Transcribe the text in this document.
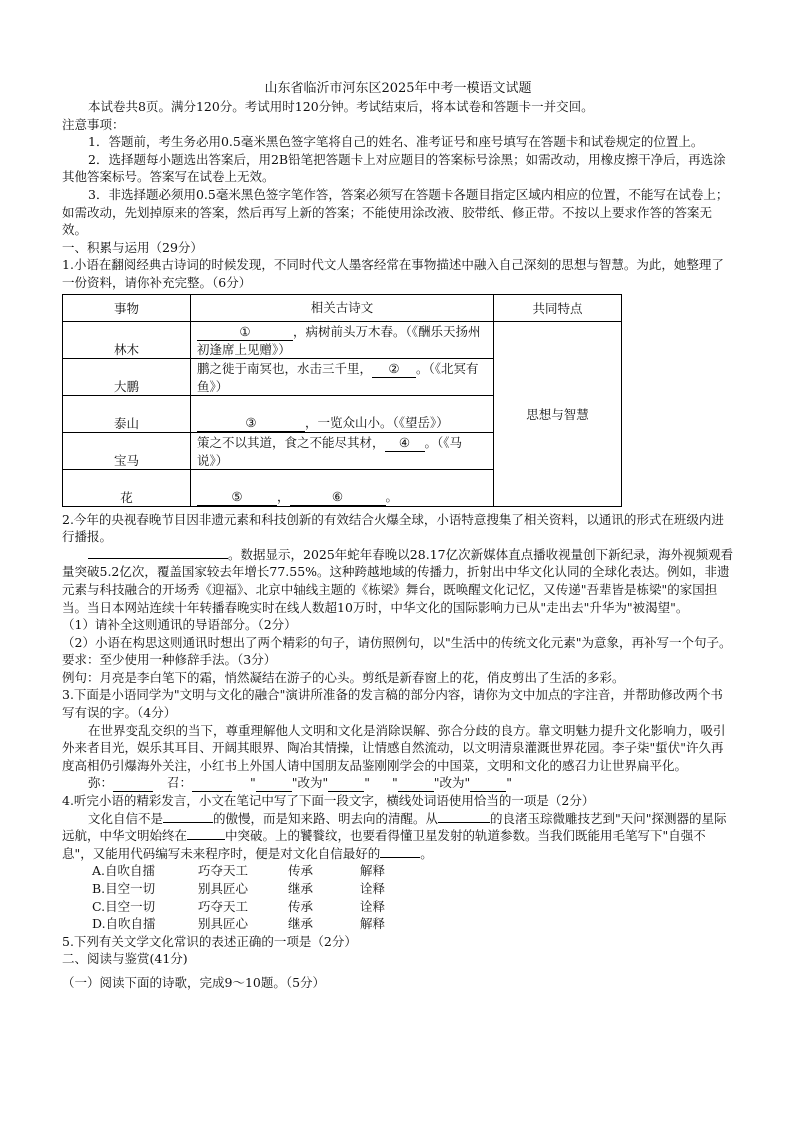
山东省临沂市河东区2025年中考一模语文试题
本试卷共8页。满分120分。考试用时120分钟。考试结束后，将本试卷和答题卡一并交回。
注意事项：
1．答题前，考生务必用0.5毫米黑色签字笔将自己的姓名、准考证号和座号填写在答题卡和试卷规定的位置上。
2．选择题每小题选出答案后，用2B铅笔把答题卡上对应题目的答案标号涂黑；如需改动，用橡皮擦干净后，再选涂其他答案标号。答案写在试卷上无效。
3．非选择题必须用0.5毫米黑色签字笔作答，答案必须写在答题卡各题目指定区域内相应的位置，不能写在试卷上；如需改动，先划掉原来的答案，然后再写上新的答案；不能使用涂改液、胶带纸、修正带。不按以上要求作答的答案无效。
一、积累与运用（29分）
1.小语在翻阅经典古诗词的时候发现，不同时代文人墨客经常在事物描述中融入自己深刻的思想与智慧。为此，她整理了一份资料，请你补充完整。（6分）
事物	相关古诗文	共同特点
林木	① ，病树前头万木春。（《酬乐天扬州初逢席上见赠》）	思想与智慧
大鹏	鹏之徙于南冥也，水击三千里， ② 。（《北冥有鱼》）	
泰山	③ ，一览众山小。（《望岳》）	
宝马	策之不以其道，食之不能尽其材， ④ 。（《马说》）	
花	⑤ ， ⑥ 。	
2.今年的央视春晚节目因非遗元素和科技创新的有效结合火爆全球，小语特意搜集了相关资料，以通讯的形式在班级内进行播报。
。数据显示，2025年蛇年春晚以28.17亿次新媒体直点播收视量创下新纪录，海外视频观看量突破5.2亿次，覆盖国家较去年增长77.55%。这种跨越地域的传播力，折射出中华文化认同的全球化表达。例如，非遗元素与科技融合的开场秀《迎福》、北京中轴线主题的《栋梁》舞台，既唤醒文化记忆，又传递"吾辈皆是栋梁"的家国担当。当日本网站连续十年转播春晚实时在线人数超10万时，中华文化的国际影响力已从"走出去"升华为"被渴望"。
（1）请补全这则通讯的导语部分。（2分）
（2）小语在构思这则通讯时想出了两个精彩的句子，请仿照例句，以"生活中的传统文化元素"为意象，再补写一个句子。要求：至少使用一种修辞手法。（3分）
例句：月亮是李白笔下的霜，悄然凝结在游子的心头。剪纸是新春窗上的花，俏皮剪出了生活的多彩。
3.下面是小语同学为"文明与文化的融合"演讲所准备的发言稿的部分内容，请你为文中加点的字注音，并帮助修改两个书写有误的字。（4分）
在世界变乱交织的当下，尊重理解他人文明和文化是消除误解、弥合分歧的良方。靠文明魅力提升文化影响力，吸引外来者目光，娱乐其耳目、开阔其眼界、陶冶其情操，让情感自然流动，以文明清泉灌溉世界花园。李子柒"蜇伏"许久再度高相仍引爆海外关注，小红书上外国人请中国朋友品鉴刚刚学会的中国菜，文明和文化的感召力让世界扁平化。
弥：	召：	"	"改为"	" "	"改为"	"
4.听完小语的精彩发言，小文在笔记中写了下面一段文字，横线处词语使用恰当的一项是（2分）
文化自信不是	的傲慢，而是知来路、明去向的清醒。从	的良渚玉琮微雕技艺到"天问"探测器的星际远航，中华文明始终在	中突破。上的饕餮纹，也要看得懂卫星发射的轨道参数。当我们既能用毛笔写下"自强不息"，又能用代码编写未来程序时，便是对文化自信最好的	。
A.自吹自擂	巧夺天工	传承	解释
B.目空一切	别具匠心	继承	诠释
C.目空一切	巧夺天工	传承	诠释
D.自吹自擂	别具匠心	继承	解释
5.下列有关文学文化常识的表述正确的一项是（2分）
二、阅读与鉴赏(41分)
（一）阅读下面的诗歌，完成9～10题。（5分）
